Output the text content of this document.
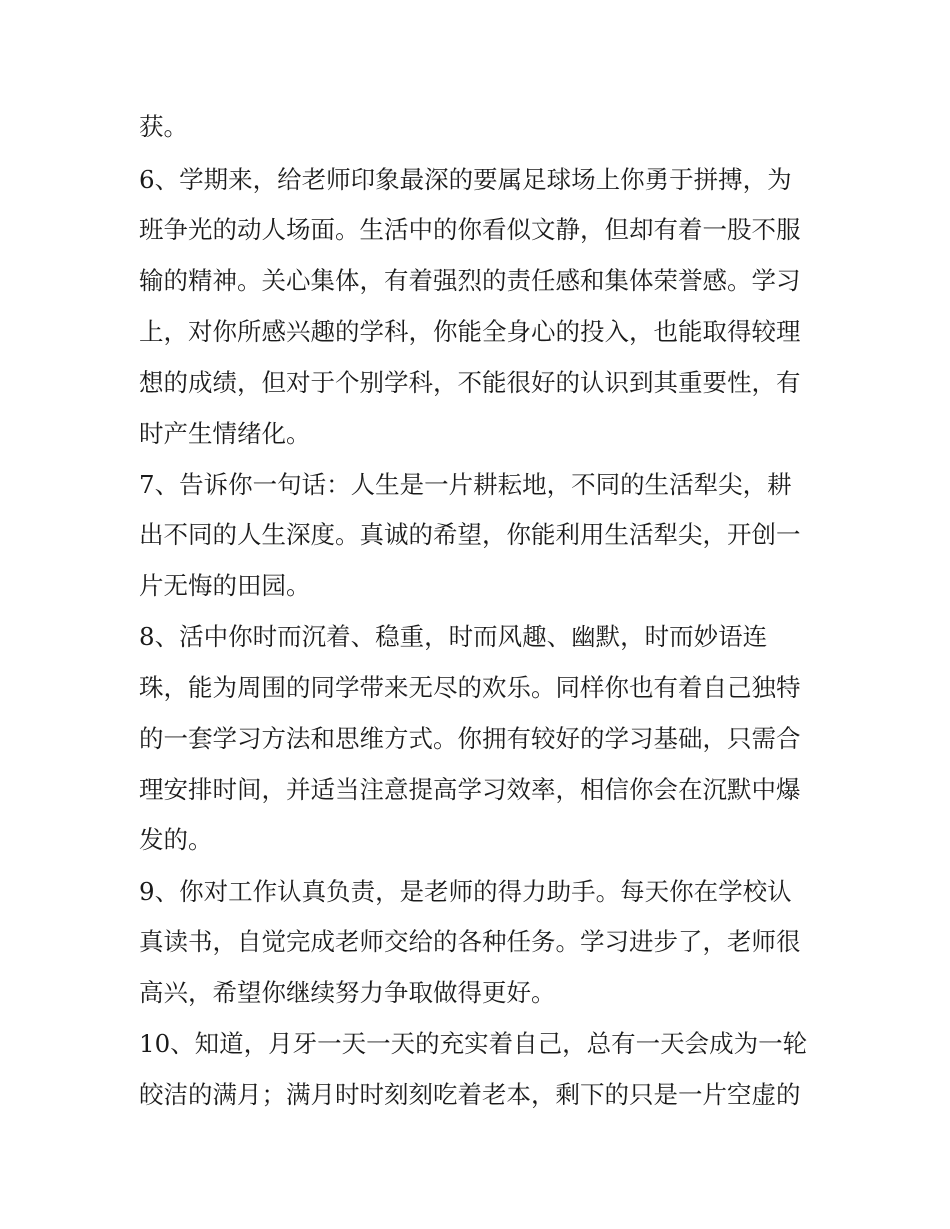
获。
6、学期来，给老师印象最深的要属足球场上你勇于拼搏，为
班争光的动人场面。生活中的你看似文静，但却有着一股不服
输的精神。关心集体，有着强烈的责任感和集体荣誉感。学习
上，对你所感兴趣的学科，你能全身心的投入，也能取得较理
想的成绩，但对于个别学科，不能很好的认识到其重要性，有
时产生情绪化。
7、告诉你一句话：人生是一片耕耘地，不同的生活犁尖，耕
出不同的人生深度。真诚的希望，你能利用生活犁尖，开创一
片无悔的田园。
8、活中你时而沉着、稳重，时而风趣、幽默，时而妙语连
珠，能为周围的同学带来无尽的欢乐。同样你也有着自己独特
的一套学习方法和思维方式。你拥有较好的学习基础，只需合
理安排时间，并适当注意提高学习效率，相信你会在沉默中爆
发的。
9、你对工作认真负责，是老师的得力助手。每天你在学校认
真读书，自觉完成老师交给的各种任务。学习进步了，老师很
高兴，希望你继续努力争取做得更好。
10、知道，月牙一天一天的充实着自己，总有一天会成为一轮
皎洁的满月；满月时时刻刻吃着老本，剩下的只是一片空虚的
